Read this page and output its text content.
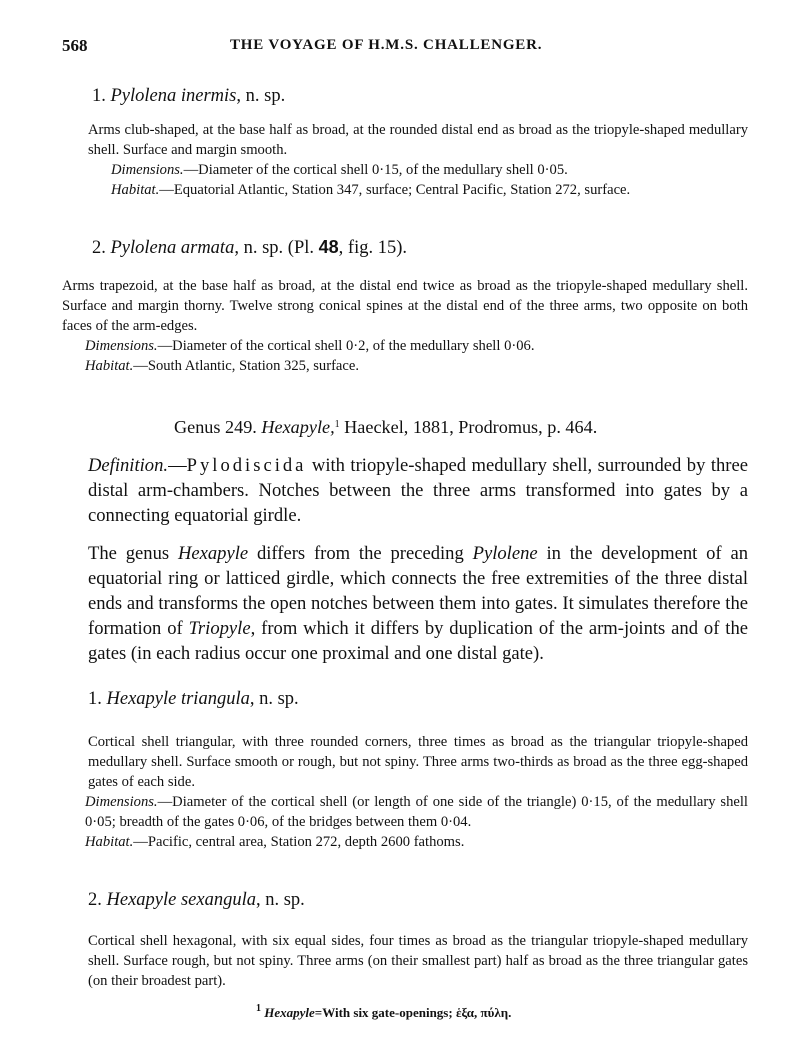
568	THE VOYAGE OF H.M.S. CHALLENGER.
1. Pylolena inermis, n. sp.

Arms club-shaped, at the base half as broad, at the rounded distal end as broad as the triopyle-shaped medullary shell. Surface and margin smooth.

Dimensions.—Diameter of the cortical shell 0·15, of the medullary shell 0·05.

Habitat.—Equatorial Atlantic, Station 347, surface; Central Pacific, Station 272, surface.

2. Pylolena armata, n. sp. (Pl. 48, fig. 15).

Arms trapezoid, at the base half as broad, at the distal end twice as broad as the triopyle-shaped medullary shell. Surface and margin thorny. Twelve strong conical spines at the distal end of the three arms, two opposite on both faces of the arm-edges.

Dimensions.—Diameter of the cortical shell 0·2, of the medullary shell 0·06.

Habitat.—South Atlantic, Station 325, surface.

Genus 249. Hexapyle,$^1$ Haeckel, 1881, Prodromus, p. 464.

Definition.—Pylodiscida with triopyle-shaped medullary shell, surrounded by three distal arm-chambers. Notches between the three arms transformed into gates by a connecting equatorial girdle.

The genus Hexapyle differs from the preceding Pylolene in the development of an equatorial ring or latticed girdle, which connects the free extremities of the three distal ends and transforms the open notches between them into gates. It simulates therefore the formation of Triopyle, from which it differs by duplication of the arm-joints and of the gates (in each radius occur one proximal and one distal gate).

1. Hexapyle triangula, n. sp.

Cortical shell triangular, with three rounded corners, three times as broad as the triangular triopyle-shaped medullary shell. Surface smooth or rough, but not spiny. Three arms two-thirds as broad as the three egg-shaped gates of each side.

Dimensions.—Diameter of the cortical shell (or length of one side of the triangle) 0·15, of the medullary shell 0·05; breadth of the gates 0·06, of the bridges between them 0·04.

Habitat.—Pacific, central area, Station 272, depth 2600 fathoms.

2. Hexapyle sexangula, n. sp.

Cortical shell hexagonal, with six equal sides, four times as broad as the triangular triopyle-shaped medullary shell. Surface rough, but not spiny. Three arms (on their smallest part) half as broad as the three triangular gates (on their broadest part).

$^1$ Hexapyle=With six gate-openings; ἑξα, πύλη.
